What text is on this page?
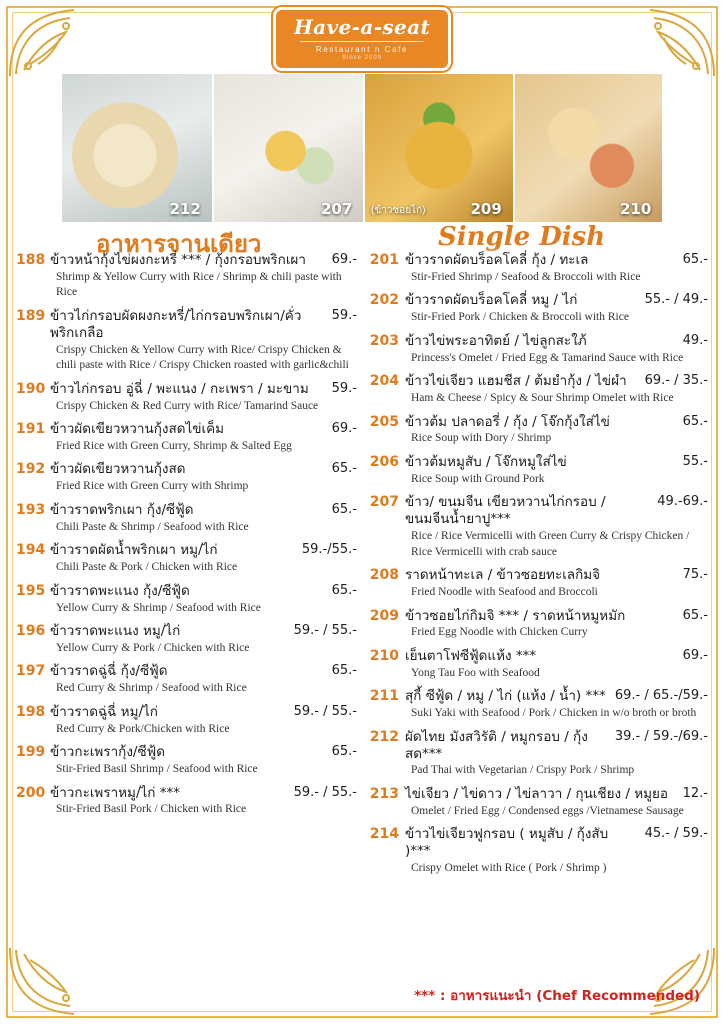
Have-a-seat
Restaurant n Cafe
Since 2009
212	207 (ข้าวซอยไก่)	209	210
อาหารจานเดียว	Single Dish
188 ข้าวหน้ากุ้งไข่ผงกะหรี่ *** / กุ้งกรอบพริกเผา	69.-
Shrimp & Yellow Curry with Rice / Shrimp & chili paste with Rice
189 ข้าวไก่กรอบผัดผงกะหรี่/ไก่กรอบพริกเผา/คั่วพริกเกลือ
59.-
Crispy Chicken & Yellow Curry with Rice/ Crispy Chicken & chili paste with Rice / Crispy Chicken roasted with garlic&chili
190 ข้าวไก่กรอบ อู่ฉี่ / พะแนง / กะเพรา / มะขาม	59.-
Crispy Chicken & Red Curry with Rice/ Tamarind Sauce
191 ข้าวผัดเขียวหวานกุ้งสดไข่เค็ม	69.-
Fried Rice with Green Curry, Shrimp & Salted Egg
192 ข้าวผัดเขียวหวานกุ้งสด	65.-
Fried Rice with Green Curry with Shrimp
193 ข้าวราดพริกเผา กุ้ง/ซีฟู้ด	65.-
Chili Paste & Shrimp / Seafood with Rice
194 ข้าวราดผัดน้ำพริกเผา หมู/ไก่	59.-/55.-
Chili Paste & Pork / Chicken with Rice
195 ข้าวราดพะแนง กุ้ง/ซีฟู้ด	65.-
Yellow Curry & Shrimp / Seafood with Rice
196 ข้าวราดพะแนง หมู/ไก่	59.- / 55.-
Yellow Curry & Pork / Chicken with Rice
197 ข้าวราดฉู่ฉี่ กุ้ง/ซีฟู้ด	65.-
Red Curry & Shrimp / Seafood with Rice
198 ข้าวราดฉู่ฉี่ หมู/ไก่	59.- / 55.-
Red Curry & Pork/Chicken with Rice
199 ข้าวกะเพรากุ้ง/ซีฟู้ด	65.-
Stir-Fried Basil Shrimp / Seafood with Rice
200 ข้าวกะเพราหมู/ไก่ ***	59.- / 55.-
Stir-Fried Basil Pork / Chicken with Rice
201 ข้าวราดผัดบร็อคโคลี่ กุ้ง / ทะเล	65.-
Stir-Fried Shrimp / Seafood & Broccoli with Rice
202 ข้าวราดผัดบร็อคโคลี่ หมู / ไก่	55.- / 49.-
Stir-Fried Pork / Chicken & Broccoli with Rice
203 ข้าวไข่พระอาทิตย์ / ไข่ลูกสะใภ้	49.-
Princess's Omelet / Fried Egg & Tamarind Sauce with Rice
204 ข้าวไข่เจียว แฮมชีส / ต้มยำกุ้ง / ไข่ผำ	69.- / 35.-
Ham & Cheese / Spicy & Sour Shrimp Omelet with Rice
205 ข้าวต้ม ปลาดอรี่ / กุ้ง / โจ๊กกุ้งใส่ไข่	65.-
Rice Soup with Dory / Shrimp
206 ข้าวต้มหมูสับ / โจ๊กหมูใส่ไข่	55.-
Rice Soup with Ground Pork
207 ข้าว/ ขนมจีน เขียวหวานไก่กรอบ / ขนมจีนน้ำยาปู***
49.-69.-
Rice / Rice Vermicelli with Green Curry & Crispy Chicken / Rice Vermicelli with crab sauce
208 ราดหน้าทะเล / ข้าวซอยทะเลกิมจิ	75.-
Fried Noodle with Seafood and Broccoli
209 ข้าวซอยไก่กิมจิ *** / ราดหน้าหมูหมัก	65.-
Fried Egg Noodle with Chicken Curry
210 เย็นตาโฟซีฟู้ดแห้ง ***	69.-
Yong Tau Foo with Seafood
211 สุกี้ ซีฟู้ด / หมู / ไก่ (แห้ง / น้ำ) *** 69.- / 65.-/59.-
Suki Yaki with Seafood / Pork / Chicken in w/o broth or broth
212 ผัดไทย มังสวิรัติ / หมูกรอบ / กุ้งสด***
39.- / 59.-/69.-
Pad Thai with Vegetarian / Crispy Pork / Shrimp
213 ไข่เจียว / ไข่ดาว / ไข่ลาวา / กุนเชียง / หมูยอ	12.-
Omelet / Fried Egg / Condensed eggs /Vietnamese Sausage
214 ข้าวไข่เจียวฟูกรอบ ( หมูสับ / กุ้งสับ )***
45.- / 59.-
Crispy Omelet with Rice ( Pork / Shrimp )
*** : อาหารแนะนำ (Chef Recommended)
